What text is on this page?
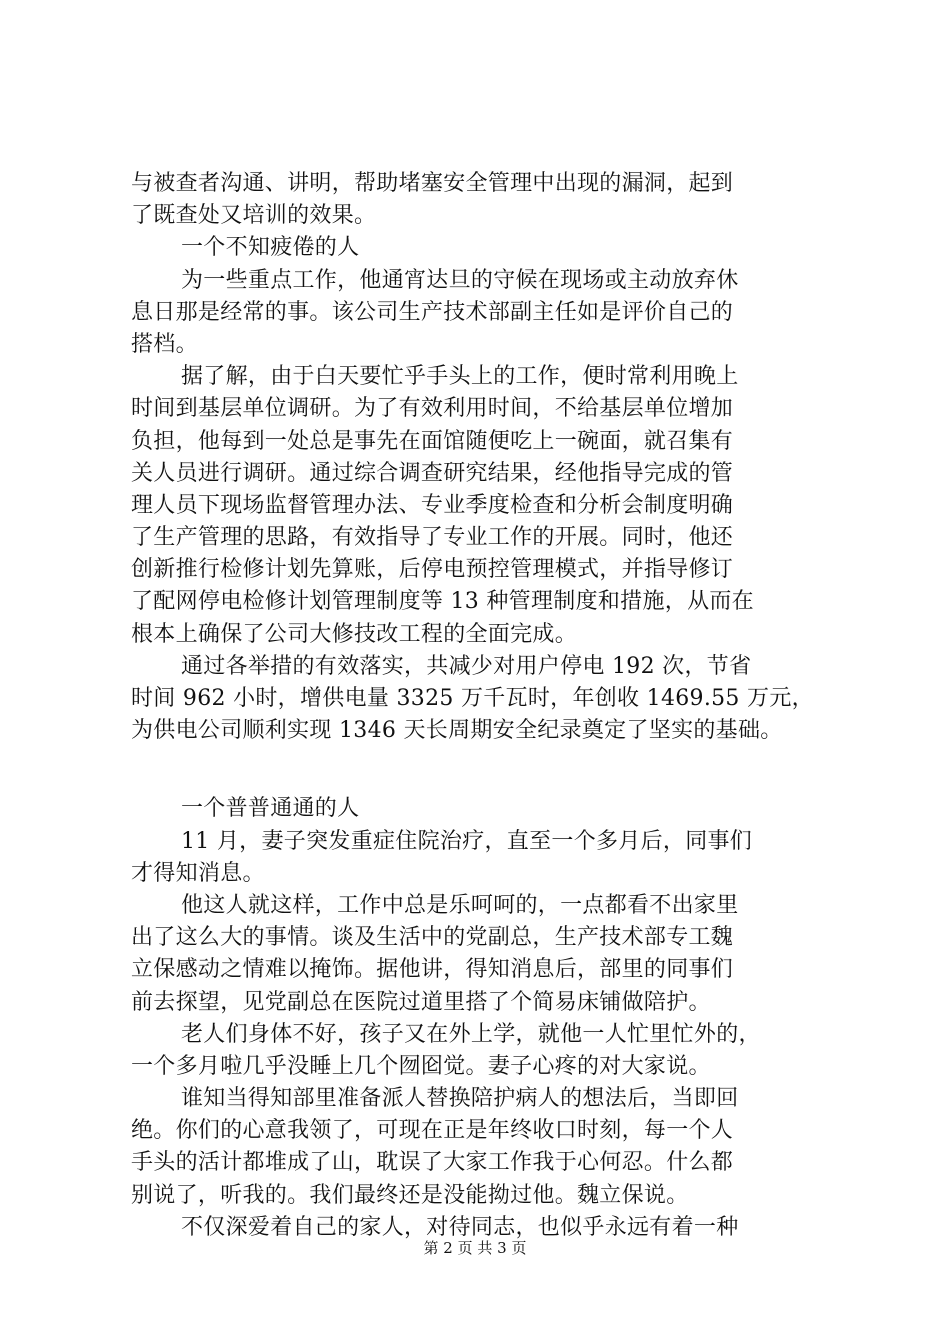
与被查者沟通、讲明，帮助堵塞安全管理中出现的漏洞，起到
了既查处又培训的效果。
一个不知疲倦的人
为一些重点工作，他通宵达旦的守候在现场或主动放弃休
息日那是经常的事。该公司生产技术部副主任如是评价自己的
搭档。
据了解，由于白天要忙乎手头上的工作，便时常利用晚上
时间到基层单位调研。为了有效利用时间，不给基层单位增加
负担，他每到一处总是事先在面馆随便吃上一碗面，就召集有
关人员进行调研。通过综合调查研究结果，经他指导完成的管
理人员下现场监督管理办法、专业季度检查和分析会制度明确
了生产管理的思路，有效指导了专业工作的开展。同时，他还
创新推行检修计划先算账，后停电预控管理模式，并指导修订
了配网停电检修计划管理制度等 13 种管理制度和措施，从而在
根本上确保了公司大修技改工程的全面完成。
通过各举措的有效落实，共减少对用户停电 192 次，节省
时间 962 小时，增供电量 3325 万千瓦时，年创收 1469.55 万元，
为供电公司顺利实现 1346 天长周期安全纪录奠定了坚实的基础。
一个普普通通的人
11 月，妻子突发重症住院治疗，直至一个多月后，同事们
才得知消息。
他这人就这样，工作中总是乐呵呵的，一点都看不出家里
出了这么大的事情。谈及生活中的党副总，生产技术部专工魏
立保感动之情难以掩饰。据他讲，得知消息后，部里的同事们
前去探望，见党副总在医院过道里搭了个简易床铺做陪护。
老人们身体不好，孩子又在外上学，就他一人忙里忙外的，
一个多月啦几乎没睡上几个囫囵觉。妻子心疼的对大家说。
谁知当得知部里准备派人替换陪护病人的想法后，当即回
绝。你们的心意我领了，可现在正是年终收口时刻，每一个人
手头的活计都堆成了山，耽误了大家工作我于心何忍。什么都
别说了，听我的。我们最终还是没能拗过他。魏立保说。
不仅深爱着自己的家人，对待同志，也似乎永远有着一种
第 2 页 共 3 页
